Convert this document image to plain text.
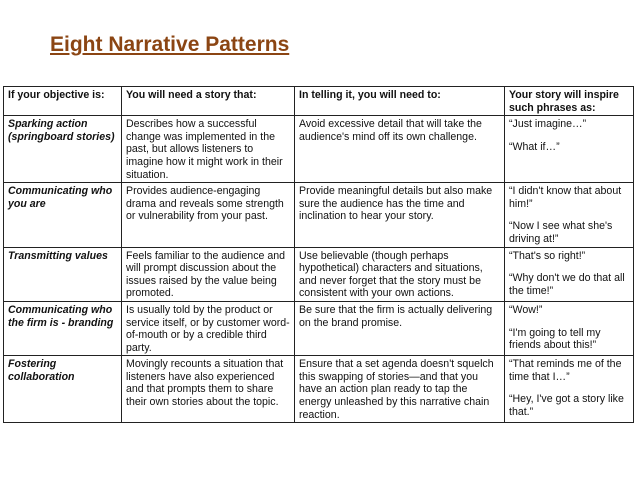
Eight Narrative Patterns
If your objective is:	You will need a story that:	In telling it, you will need to:	Your story will inspire such phrases as:
Sparking action (springboard stories)	Describes how a successful change was implemented in the past, but allows listeners to imagine how it might work in their situation.	Avoid excessive detail that will take the audience's mind off its own challenge.	“Just imagine…”
“What if…”

Communicating who you are	Provides audience-engaging drama and reveals some strength or vulnerability from your past.	Provide meaningful details but also make sure the audience has the time and inclination to hear your story.	“I didn't know that about him!”
“Now I see what she's driving at!”

Transmitting values	Feels familiar to the audience and will prompt discussion about the issues raised by the value being promoted.	Use believable (though perhaps hypothetical) characters and situations, and never forget that the story must be consistent with your own actions.	“That's so right!”
“Why don't we do that all the time!”

Communicating who the firm is - branding	Is usually told by the product or service itself, or by customer word-of-mouth or by a credible third party.	Be sure that the firm is actually delivering on the brand promise.	“Wow!”
“I'm going to tell my friends about this!”

Fostering collaboration	Movingly recounts a situation that listeners have also experienced and that prompts them to share their own stories about the topic.	Ensure that a set agenda doesn't squelch this swapping of stories—and that you have an action plan ready to tap the energy unleashed by this narrative chain reaction.	“That reminds me of the time that I…”
“Hey, I've got a story like that.”
